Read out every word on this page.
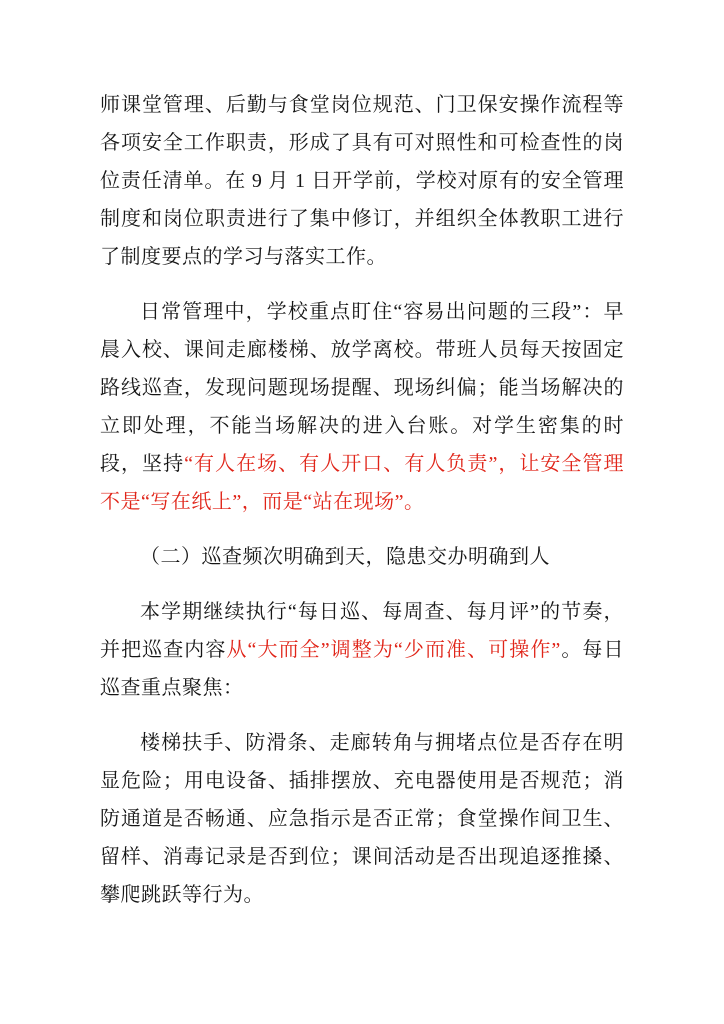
师课堂管理、后勤与食堂岗位规范、门卫保安操作流程等各项安全工作职责，形成了具有可对照性和可检查性的岗位责任清单。在 9 月 1 日开学前，学校对原有的安全管理制度和岗位职责进行了集中修订，并组织全体教职工进行了制度要点的学习与落实工作。

日常管理中，学校重点盯住“容易出问题的三段”：早晨入校、课间走廊楼梯、放学离校。带班人员每天按固定路线巡查，发现问题现场提醒、现场纠偏；能当场解决的立即处理，不能当场解决的进入台账。对学生密集的时段，坚持“有人在场、有人开口、有人负责”，让安全管理不是“写在纸上”，而是“站在现场”。

（二）巡查频次明确到天，隐患交办明确到人

本学期继续执行“每日巡、每周查、每月评”的节奏，并把巡查内容从“大而全”调整为“少而准、可操作”。每日巡查重点聚焦：

楼梯扶手、防滑条、走廊转角与拥堵点位是否存在明显危险；用电设备、插排摆放、充电器使用是否规范；消防通道是否畅通、应急指示是否正常；食堂操作间卫生、留样、消毒记录是否到位；课间活动是否出现追逐推搡、攀爬跳跃等行为。
